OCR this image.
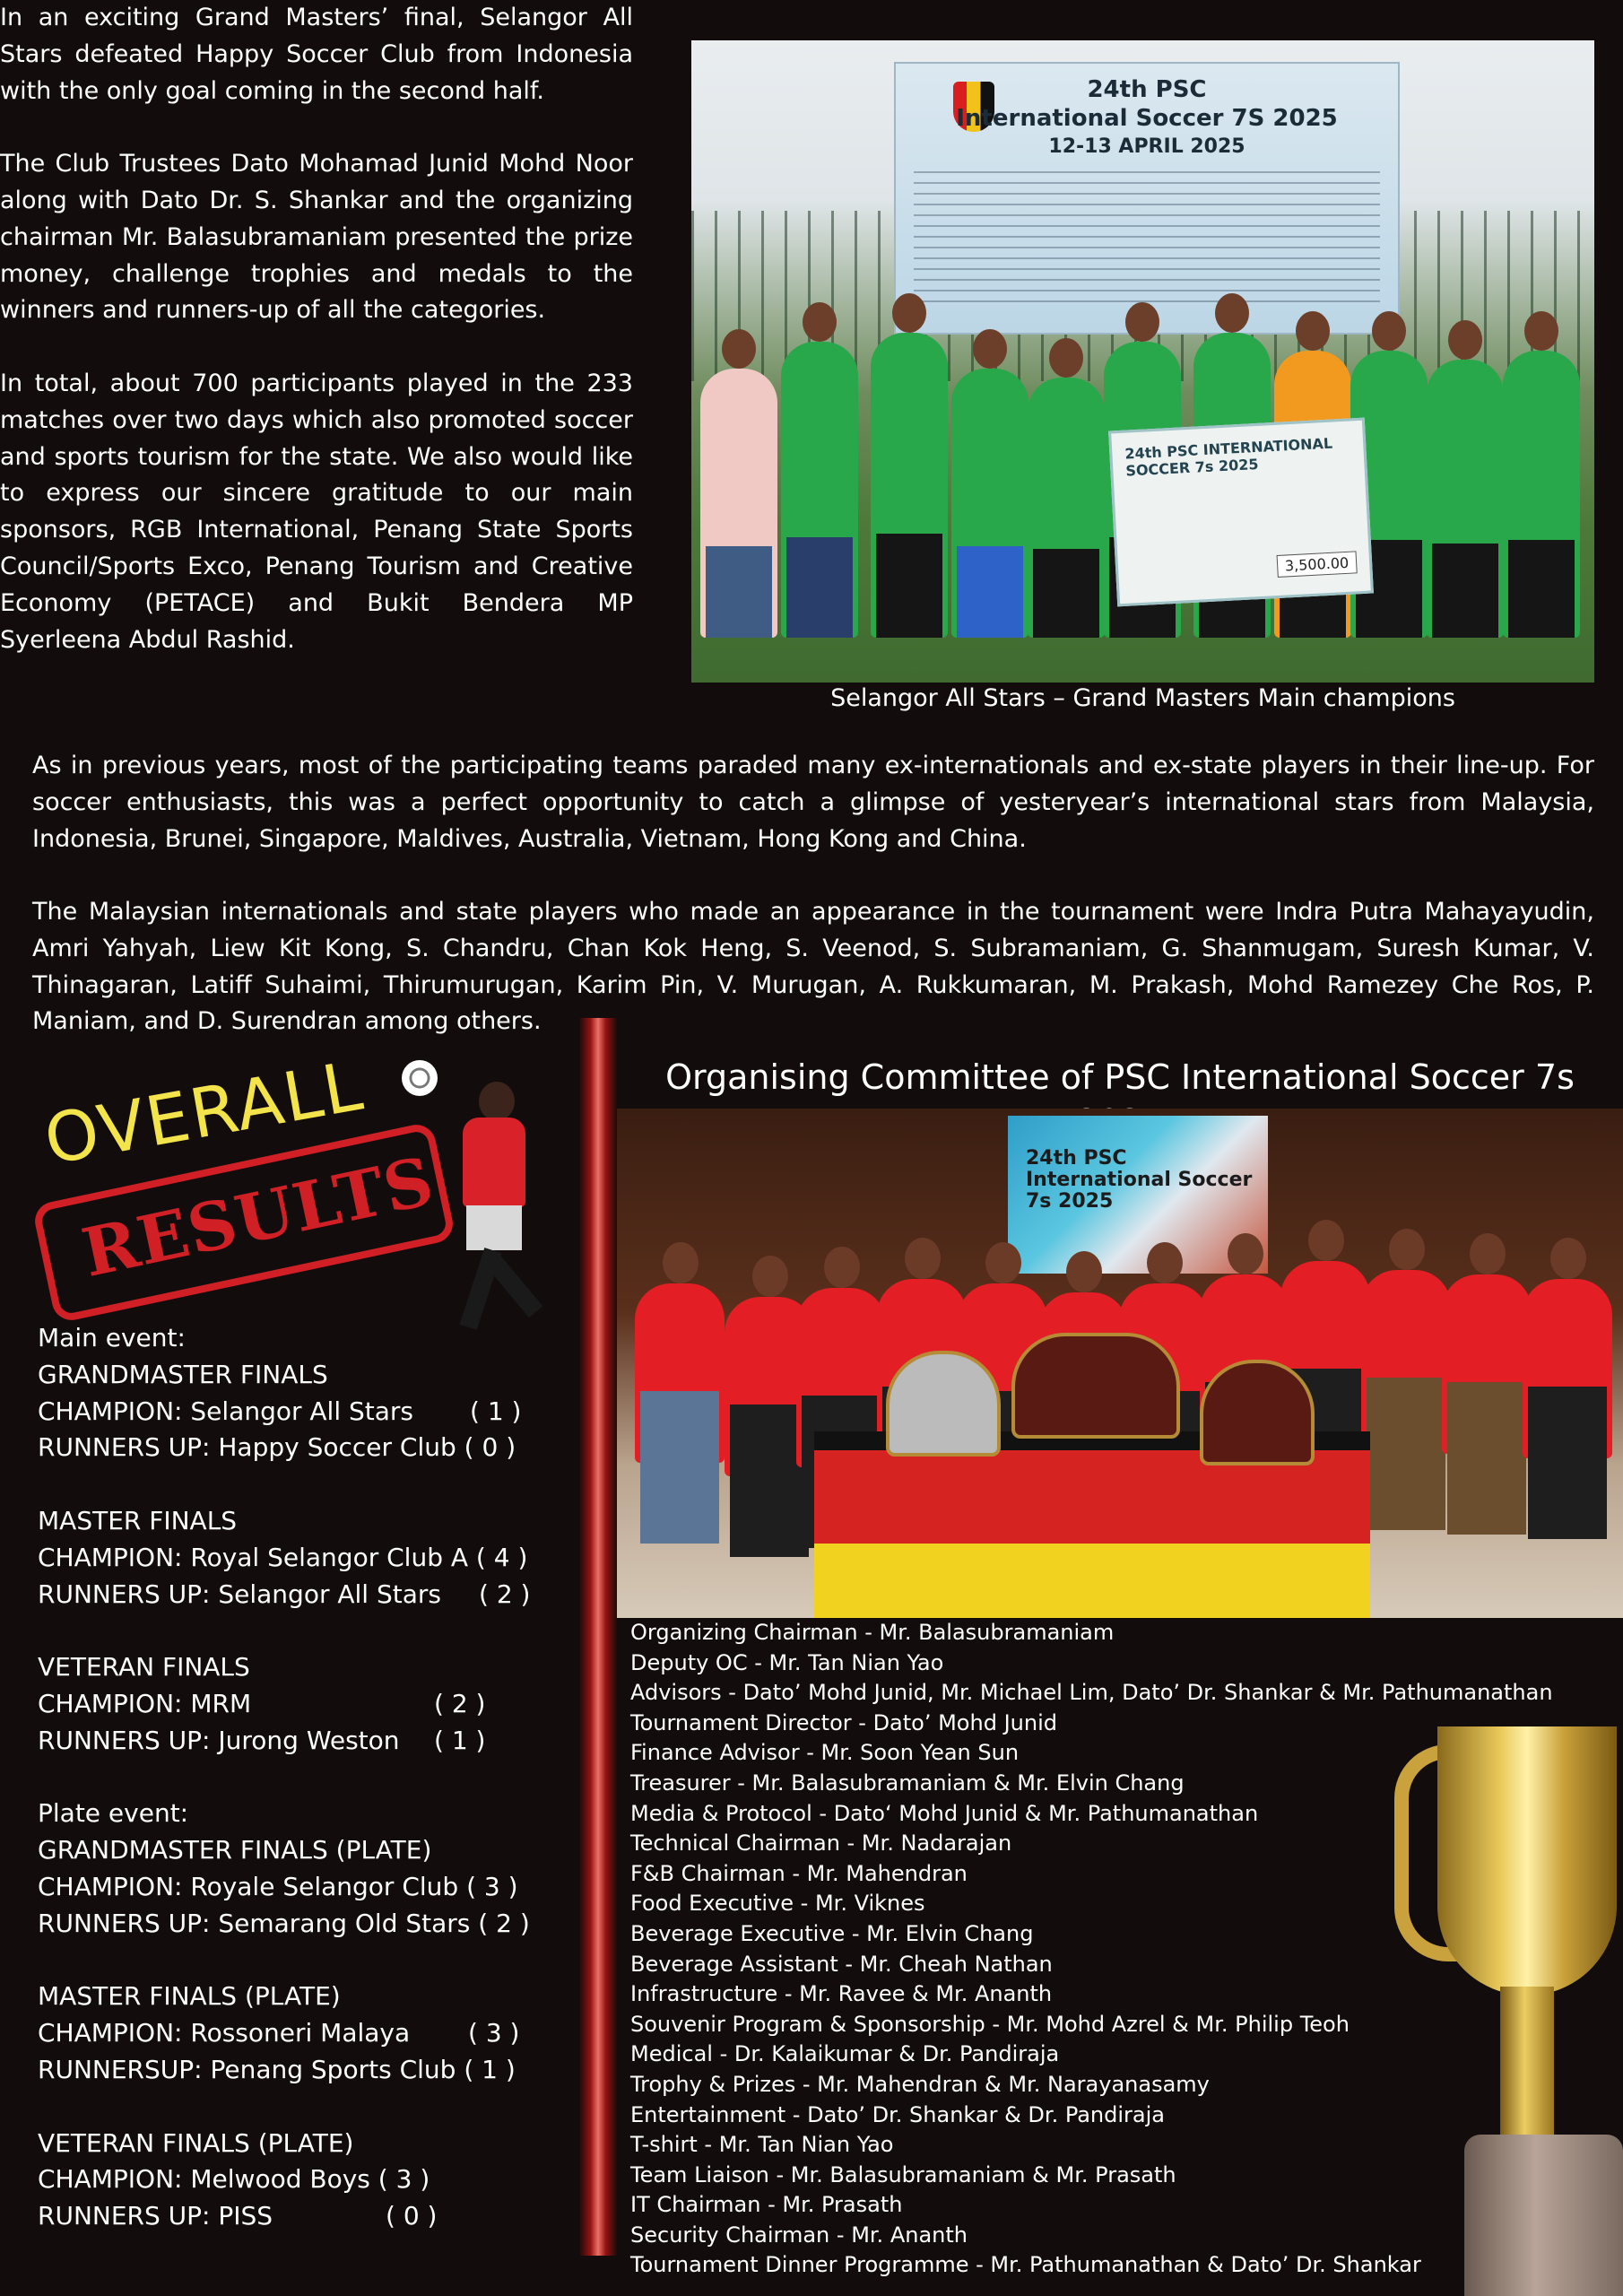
In an exciting Grand Masters’ final, Selangor All Stars defeated Happy Soccer Club from Indonesia with the only goal coming in the second half.
The Club Trustees Dato Mohamad Junid Mohd Noor along with Dato Dr. S. Shankar and the organizing chairman Mr. Balasubramaniam presented the prize money, challenge trophies and medals to the winners and runners-up of all the categories.
In total, about 700 participants played in the 233 matches over two days which also promoted soccer and sports tourism for the state. We also would like to express our sincere gratitude to our main sponsors, RGB International, Penang State Sports Council/Sports Exco, Penang Tourism and Creative Economy (PETACE) and Bukit Bendera MP Syerleena Abdul Rashid.
24th PSC
International Soccer 7S 2025
12-13 APRIL 2025
24th PSC INTERNATIONAL SOCCER 7s 2025
3,500.00
Selangor All Stars – Grand Masters Main champions
As in previous years, most of the participating teams paraded many ex-internationals and ex-state players in their line-up. For soccer enthusiasts, this was a perfect opportunity to catch a glimpse of yesteryear’s international stars from Malaysia, Indonesia, Brunei, Singapore, Maldives, Australia, Vietnam, Hong Kong and China.
The Malaysian internationals and state players who made an appearance in the tournament were Indra Putra Mahayayudin, Amri Yahyah, Liew Kit Kong, S. Chandru, Chan Kok Heng, S. Veenod, S. Subramaniam, G. Shanmugam, Suresh Kumar, V. Thinagaran, Latiff Suhaimi, Thirumurugan, Karim Pin, V. Murugan, A. Rukkumaran, M. Prakash, Mohd Ramezey Che Ros, P. Maniam, and D. Surendran among others.
OVERALL
RESULTS
Main event:
GRANDMASTER FINALS
CHAMPION: Selangor All Stars ( 1 )
RUNNERS UP: Happy Soccer Club ( 0 )
MASTER FINALS
CHAMPION: Royal Selangor Club A ( 4 )
RUNNERS UP: Selangor All Stars ( 2 )
VETERAN FINALS
CHAMPION: MRM	( 2 )
RUNNERS UP: Jurong Weston ( 1 )
Plate event:
GRANDMASTER FINALS (PLATE)
CHAMPION: Royale Selangor Club ( 3 )
RUNNERS UP: Semarang Old Stars ( 2 )
MASTER FINALS (PLATE)
CHAMPION: Rossoneri Malaya ( 3 )
RUNNERSUP: Penang Sports Club ( 1 )
VETERAN FINALS (PLATE)
CHAMPION: Melwood Boys ( 3 )
RUNNERS UP: PISS	( 0 )
Organising Committee of PSC International Soccer 7s
24th PSC International Soccer 7s 2025
Organizing Chairman - Mr. Balasubramaniam
Deputy OC - Mr. Tan Nian Yao
Advisors - Dato’ Mohd Junid, Mr. Michael Lim, Dato’ Dr. Shankar & Mr. Pathumanathan
Tournament Director - Dato’ Mohd Junid
Finance Advisor - Mr. Soon Yean Sun
Treasurer - Mr. Balasubramaniam & Mr. Elvin Chang
Media & Protocol - Dato‘ Mohd Junid & Mr. Pathumanathan
Technical Chairman - Mr. Nadarajan
F&B Chairman - Mr. Mahendran
Food Executive - Mr. Viknes
Beverage Executive - Mr. Elvin Chang
Beverage Assistant - Mr. Cheah Nathan
Infrastructure - Mr. Ravee & Mr. Ananth
Souvenir Program & Sponsorship - Mr. Mohd Azrel & Mr. Philip Teoh
Medical - Dr. Kalaikumar & Dr. Pandiraja
Trophy & Prizes - Mr. Mahendran & Mr. Narayanasamy
Entertainment - Dato’ Dr. Shankar & Dr. Pandiraja
T-shirt - Mr. Tan Nian Yao
Team Liaison - Mr. Balasubramaniam & Mr. Prasath
IT Chairman - Mr. Prasath
Security Chairman - Mr. Ananth
Tournament Dinner Programme - Mr. Pathumanathan & Dato’ Dr. Shankar
